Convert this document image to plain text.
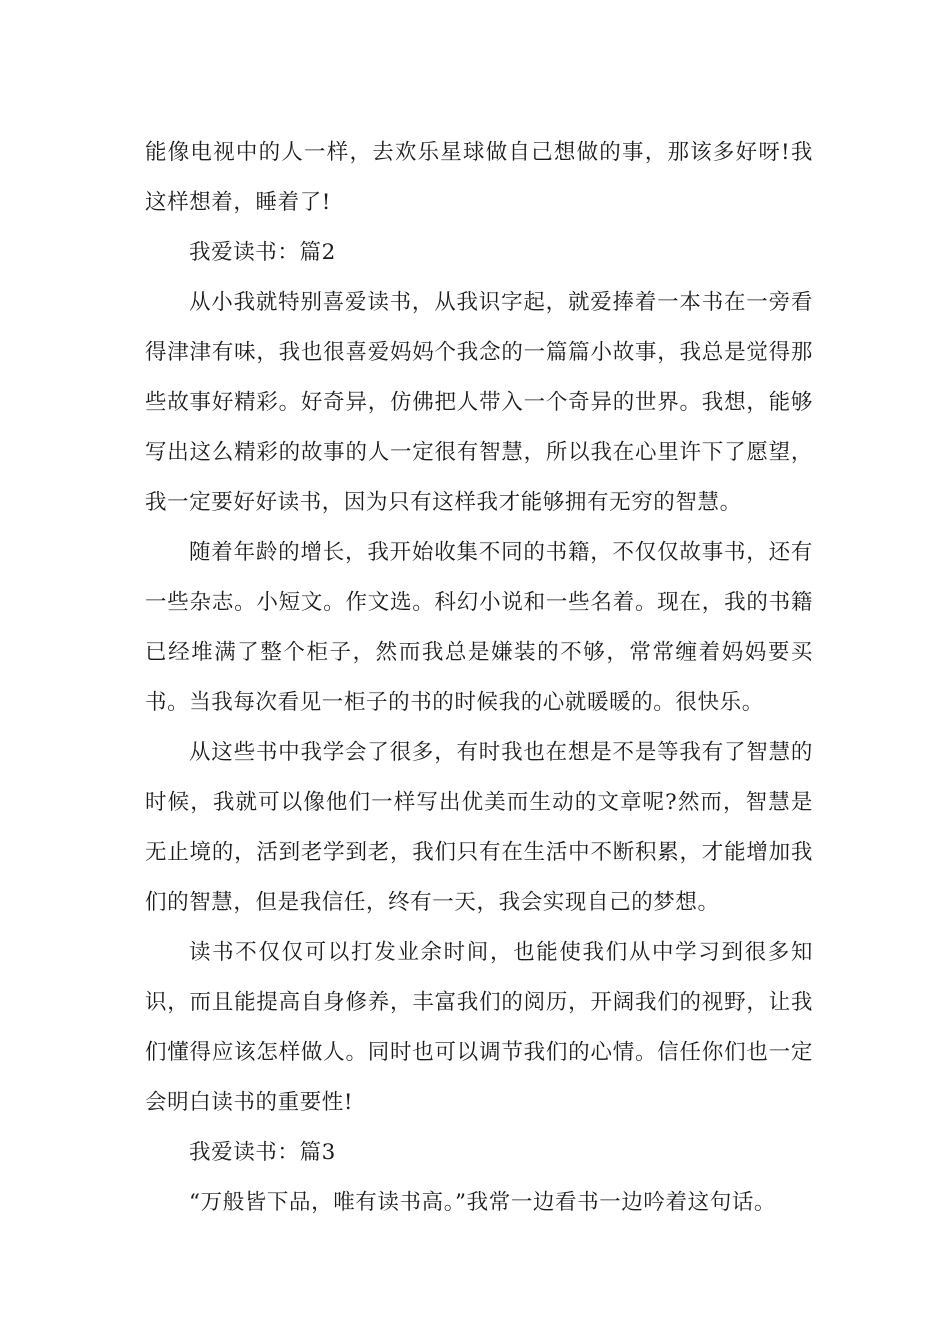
能像电视中的人一样，去欢乐星球做自己想做的事，那该多好呀!我这样想着，睡着了!

我爱读书：篇2

从小我就特别喜爱读书，从我识字起，就爱捧着一本书在一旁看得津津有味，我也很喜爱妈妈个我念的一篇篇小故事，我总是觉得那些故事好精彩。好奇异，仿佛把人带入一个奇异的世界。我想，能够写出这么精彩的故事的人一定很有智慧，所以我在心里许下了愿望，我一定要好好读书，因为只有这样我才能够拥有无穷的智慧。

随着年龄的增长，我开始收集不同的书籍，不仅仅故事书，还有一些杂志。小短文。作文选。科幻小说和一些名着。现在，我的书籍已经堆满了整个柜子，然而我总是嫌装的不够，常常缠着妈妈要买书。当我每次看见一柜子的书的时候我的心就暖暖的。很快乐。

从这些书中我学会了很多，有时我也在想是不是等我有了智慧的时候，我就可以像他们一样写出优美而生动的文章呢?然而，智慧是无止境的，活到老学到老，我们只有在生活中不断积累，才能增加我们的智慧，但是我信任，终有一天，我会实现自己的梦想。

读书不仅仅可以打发业余时间，也能使我们从中学习到很多知识，而且能提高自身修养，丰富我们的阅历，开阔我们的视野，让我们懂得应该怎样做人。同时也可以调节我们的心情。信任你们也一定会明白读书的重要性!

我爱读书：篇3

“万般皆下品，唯有读书高。”我常一边看书一边吟着这句话。
